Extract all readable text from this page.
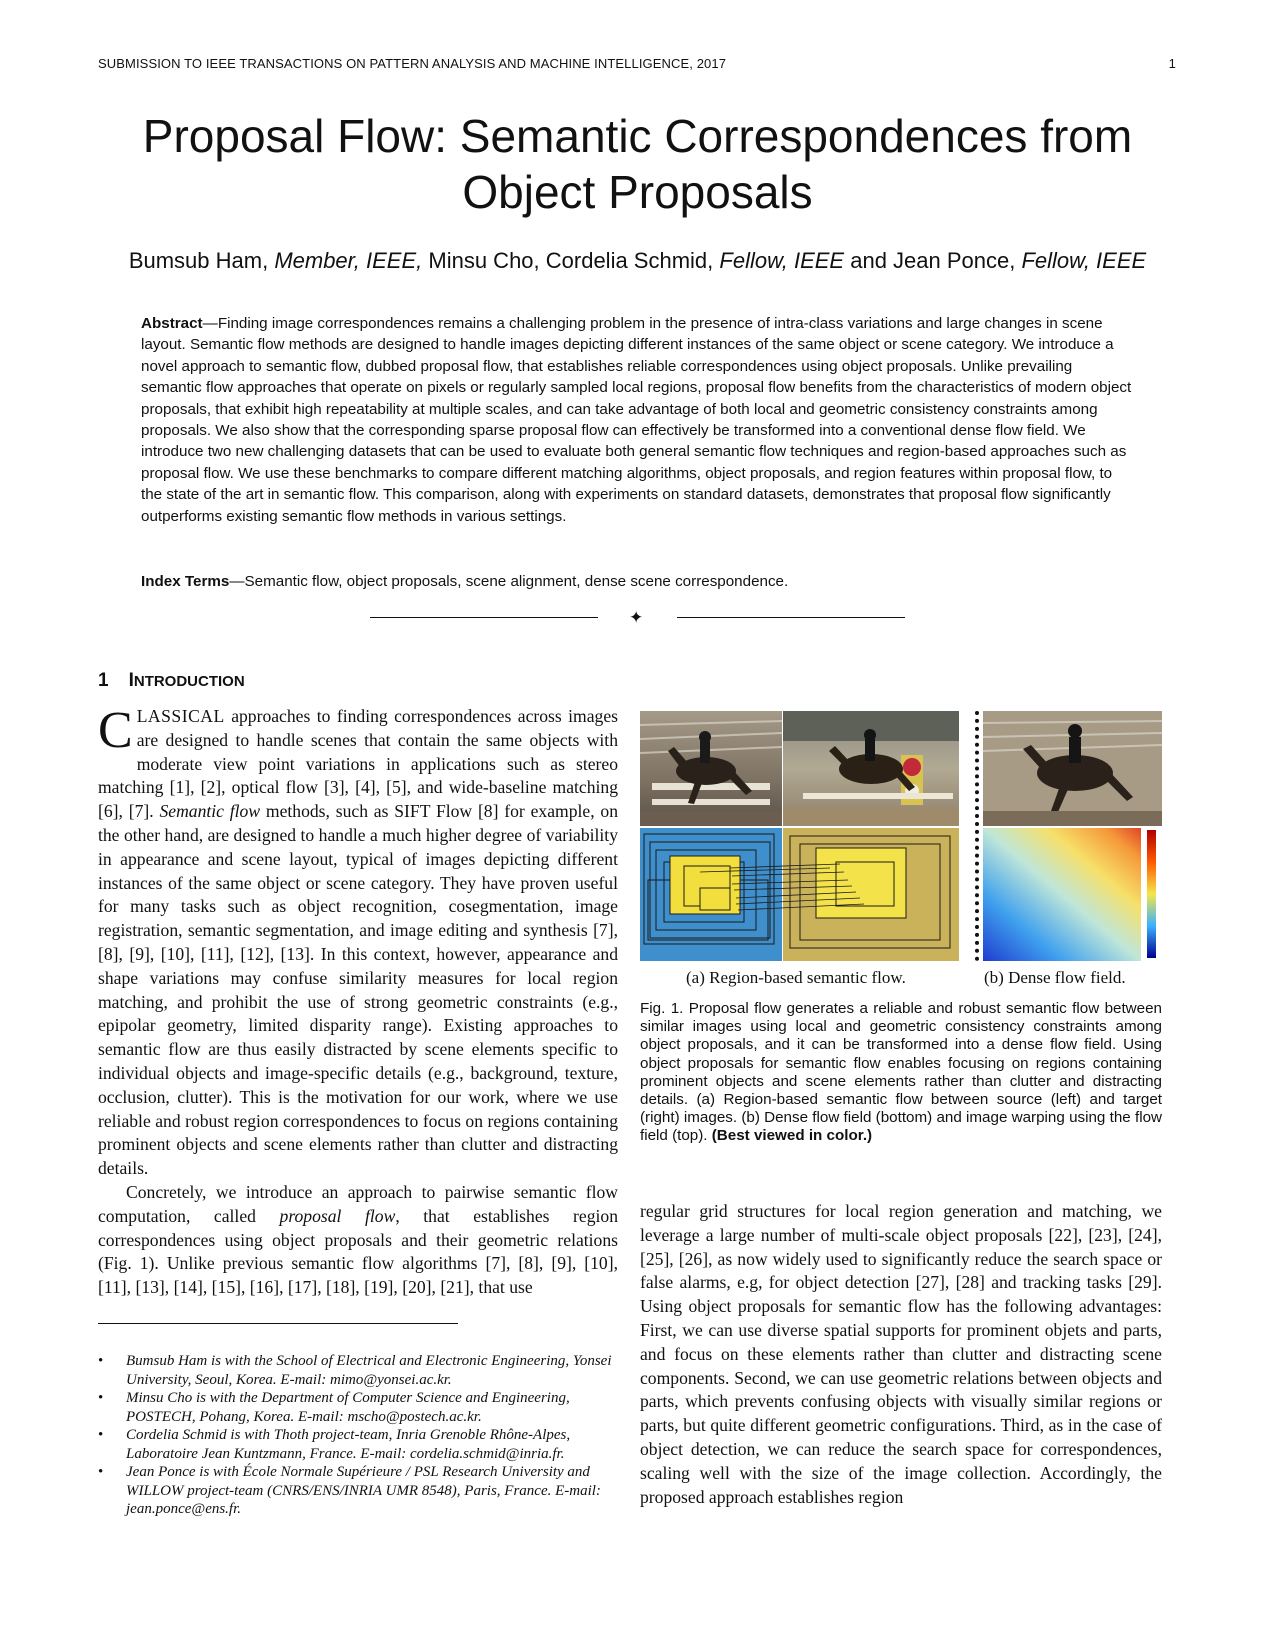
SUBMISSION TO IEEE TRANSACTIONS ON PATTERN ANALYSIS AND MACHINE INTELLIGENCE, 2017	1
Proposal Flow: Semantic Correspondences from
Object Proposals
Bumsub Ham, Member, IEEE, Minsu Cho, Cordelia Schmid, Fellow, IEEE and Jean Ponce, Fellow, IEEE

Abstract—Finding image correspondences remains a challenging problem in the presence of intra-class variations and large changes in scene layout. Semantic flow methods are designed to handle images depicting different instances of the same object or scene category. We introduce a novel approach to semantic flow, dubbed proposal flow, that establishes reliable correspondences using object proposals. Unlike prevailing semantic flow approaches that operate on pixels or regularly sampled local regions, proposal flow benefits from the characteristics of modern object proposals, that exhibit high repeatability at multiple scales, and can take advantage of both local and geometric consistency constraints among proposals. We also show that the corresponding sparse proposal flow can effectively be transformed into a conventional dense flow field. We introduce two new challenging datasets that can be used to evaluate both general semantic flow techniques and region-based approaches such as proposal flow. We use these benchmarks to compare different matching algorithms, object proposals, and region features within proposal flow, to the state of the art in semantic flow. This comparison, along with experiments on standard datasets, demonstrates that proposal flow significantly outperforms existing semantic flow methods in various settings.

Index Terms—Semantic flow, object proposals, scene alignment, dense scene correspondence.

✦
1 INTRODUCTION

CLASSICAL approaches to finding correspondences across images are designed to handle scenes that contain the same objects with moderate view point variations in applications such as stereo matching [1], [2], optical flow [3], [4], [5], and wide-baseline matching [6], [7]. Semantic flow methods, such as SIFT Flow [8] for example, on the other hand, are designed to handle a much higher degree of variability in appearance and scene layout, typical of images depicting different instances of the same object or scene category. They have proven useful for many tasks such as object recognition, cosegmentation, image registration, semantic segmentation, and image editing and synthesis [7], [8], [9], [10], [11], [12], [13]. In this context, however, appearance and shape variations may confuse similarity measures for local region matching, and prohibit the use of strong geometric constraints (e.g., epipolar geometry, limited disparity range). Existing approaches to semantic flow are thus easily distracted by scene elements specific to individual objects and image-specific details (e.g., background, texture, occlusion, clutter). This is the motivation for our work, where we use reliable and robust region correspondences to focus on regions containing prominent objects and scene elements rather than clutter and distracting details.

Concretely, we introduce an approach to pairwise semantic flow computation, called proposal flow, that establishes region correspondences using object proposals and their geometric relations (Fig. 1). Unlike previous semantic flow algorithms [7], [8], [9], [10], [11], [13], [14], [15], [16], [17], [18], [19], [20], [21], that use

• Bumsub Ham is with the School of Electrical and Electronic Engineering, Yonsei University, Seoul, Korea. E-mail: mimo@yonsei.ac.kr.
• Minsu Cho is with the Department of Computer Science and Engineering, POSTECH, Pohang, Korea. E-mail: mscho@postech.ac.kr.
• Cordelia Schmid is with Thoth project-team, Inria Grenoble Rhône-Alpes, Laboratoire Jean Kuntzmann, France. E-mail: cordelia.schmid@inria.fr.
• Jean Ponce is with École Normale Supérieure / PSL Research University and WILLOW project-team (CNRS/ENS/INRIA UMR 8548), Paris, France. E-mail: jean.ponce@ens.fr.
(a) Region-based semantic flow.	(b) Dense flow field.

Fig. 1. Proposal flow generates a reliable and robust semantic flow between similar images using local and geometric consistency constraints among object proposals, and it can be transformed into a dense flow field. Using object proposals for semantic flow enables focusing on regions containing prominent objects and scene elements rather than clutter and distracting details. (a) Region-based semantic flow between source (left) and target (right) images. (b) Dense flow field (bottom) and image warping using the flow field (top). (Best viewed in color.)

regular grid structures for local region generation and matching, we leverage a large number of multi-scale object proposals [22], [23], [24], [25], [26], as now widely used to significantly reduce the search space or false alarms, e.g, for object detection [27], [28] and tracking tasks [29]. Using object proposals for semantic flow has the following advantages: First, we can use diverse spatial supports for prominent objets and parts, and focus on these elements rather than clutter and distracting scene components. Second, we can use geometric relations between objects and parts, which prevents confusing objects with visually similar regions or parts, but quite different geometric configurations. Third, as in the case of object detection, we can reduce the search space for correspondences, scaling well with the size of the image collection. Accordingly, the proposed approach establishes region
